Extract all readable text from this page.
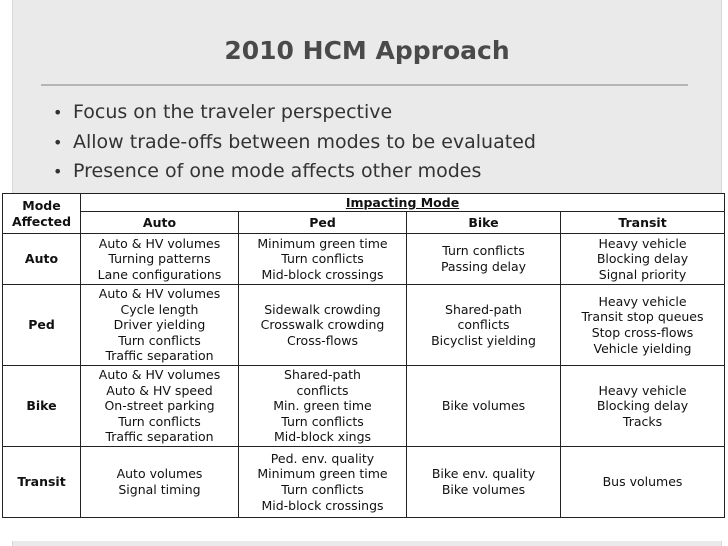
2010 HCM Approach
• Focus on the traveler perspective
• Allow trade-offs between modes to be evaluated
• Presence of one mode affects other modes
Mode
Affected	Impacting Mode			
	Auto	Ped	Bike	Transit
Auto	Auto & HV volumes
Turning patterns
Lane configurations	Minimum green time
Turn conflicts
Mid-block crossings	Turn conflicts
Passing delay	Heavy vehicle
Blocking delay
Signal priority

Ped	Auto & HV volumes
Cycle length
Driver yielding
Turn conflicts
Traffic separation	Sidewalk crowding
Crosswalk crowding
Cross-flows	Shared-path
conflicts
Bicyclist yielding	Heavy vehicle
Transit stop queues
Stop cross-flows
Vehicle yielding

Bike	Auto & HV volumes
Auto & HV speed
On-street parking
Turn conflicts
Traffic separation	Shared-path
conflicts
Min. green time
Turn conflicts
Mid-block xings	Bike volumes	Heavy vehicle
Blocking delay
Tracks

Transit	Auto volumes
Signal timing	Ped. env. quality
Minimum green time
Turn conflicts
Mid-block crossings	Bike env. quality
Bike volumes	Bus volumes
